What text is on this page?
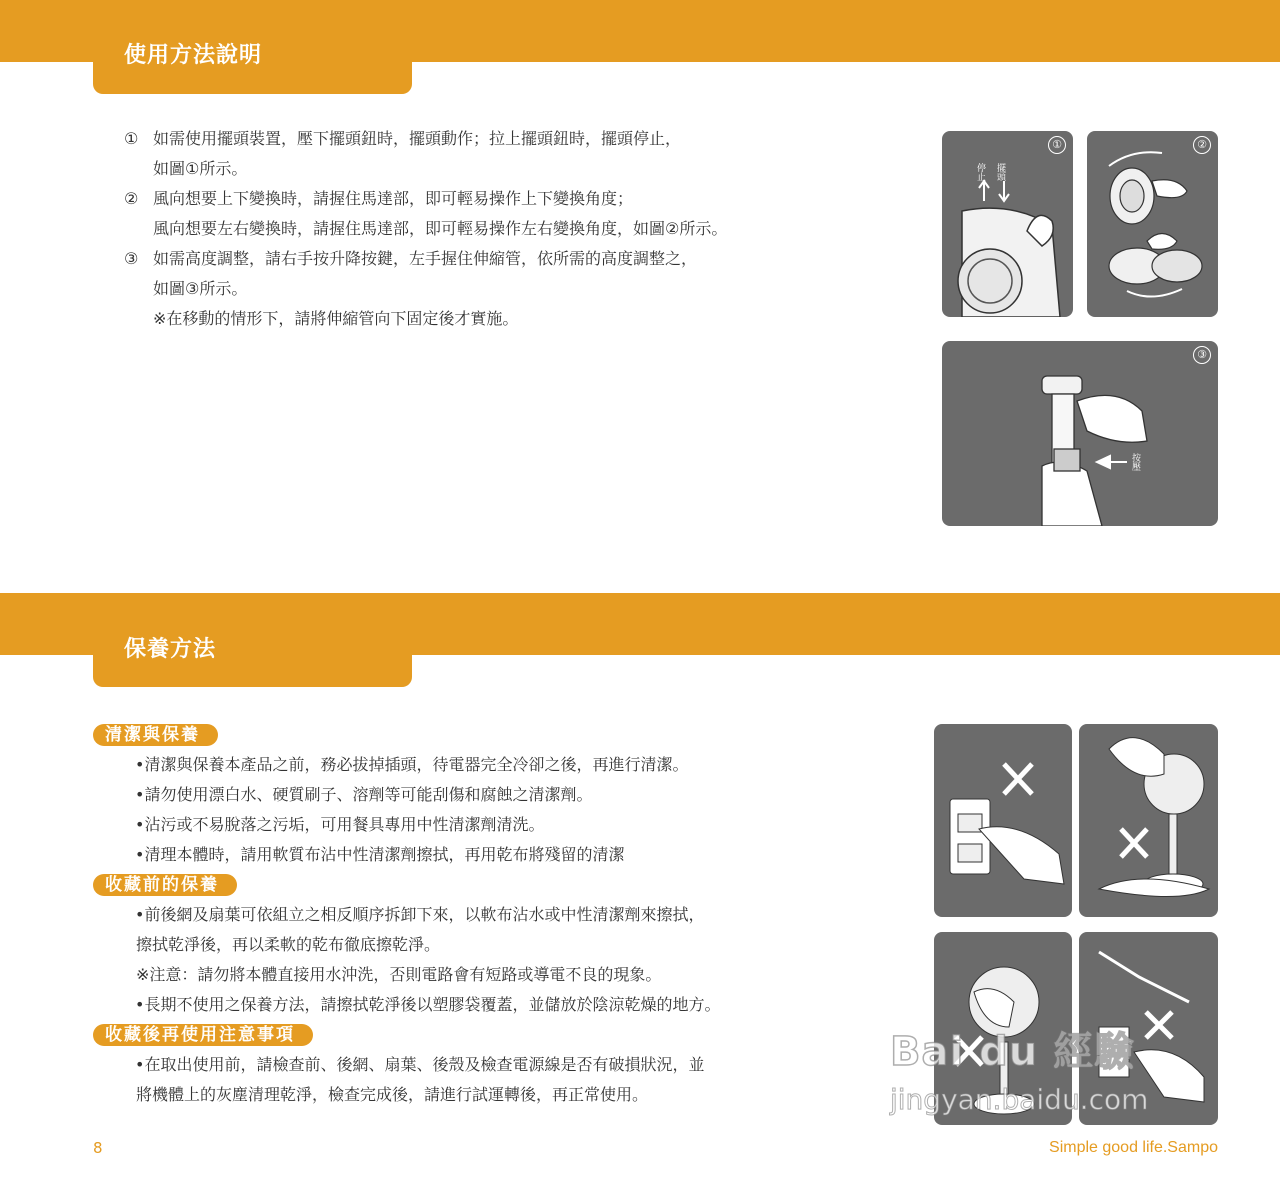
使用方法說明
① 如需使用擺頭裝置，壓下擺頭鈕時，擺頭動作；拉上擺頭鈕時，擺頭停止，
如圖①所示。
② 風向想要上下變換時，請握住馬達部，即可輕易操作上下變換角度；
風向想要左右變換時，請握住馬達部，即可輕易操作左右變換角度，如圖②所示。
③ 如需高度調整，請右手按升降按鍵，左手握住伸縮管，依所需的高度調整之，
如圖③所示。
※在移動的情形下，請將伸縮管向下固定後才實施。
停止 擺頭
①	②
按壓
③
保養方法
清潔與保養
•清潔與保養本產品之前，務必拔掉插頭，待電器完全冷卻之後，再進行清潔。
•請勿使用漂白水、硬質刷子、溶劑等可能刮傷和腐蝕之清潔劑。
•沾污或不易脫落之污垢，可用餐具專用中性清潔劑清洗。
•清理本體時，請用軟質布沾中性清潔劑擦拭，再用乾布將殘留的清潔
收藏前的保養
•前後網及扇葉可依組立之相反順序拆卸下來，以軟布沾水或中性清潔劑來擦拭，
擦拭乾淨後，再以柔軟的乾布徹底擦乾淨。
※注意：請勿將本體直接用水沖洗，否則電路會有短路或導電不良的現象。
•長期不使用之保養方法，請擦拭乾淨後以塑膠袋覆蓋，並儲放於陰涼乾燥的地方。
收藏後再使用注意事項
•在取出使用前，請檢查前、後網、扇葉、後殼及檢查電源線是否有破損狀況，並
將機體上的灰塵清理乾淨，檢查完成後，請進行試運轉後，再正常使用。
Bai du 經驗
jingyan.baidu.com
8	Simple good life.Sampo
